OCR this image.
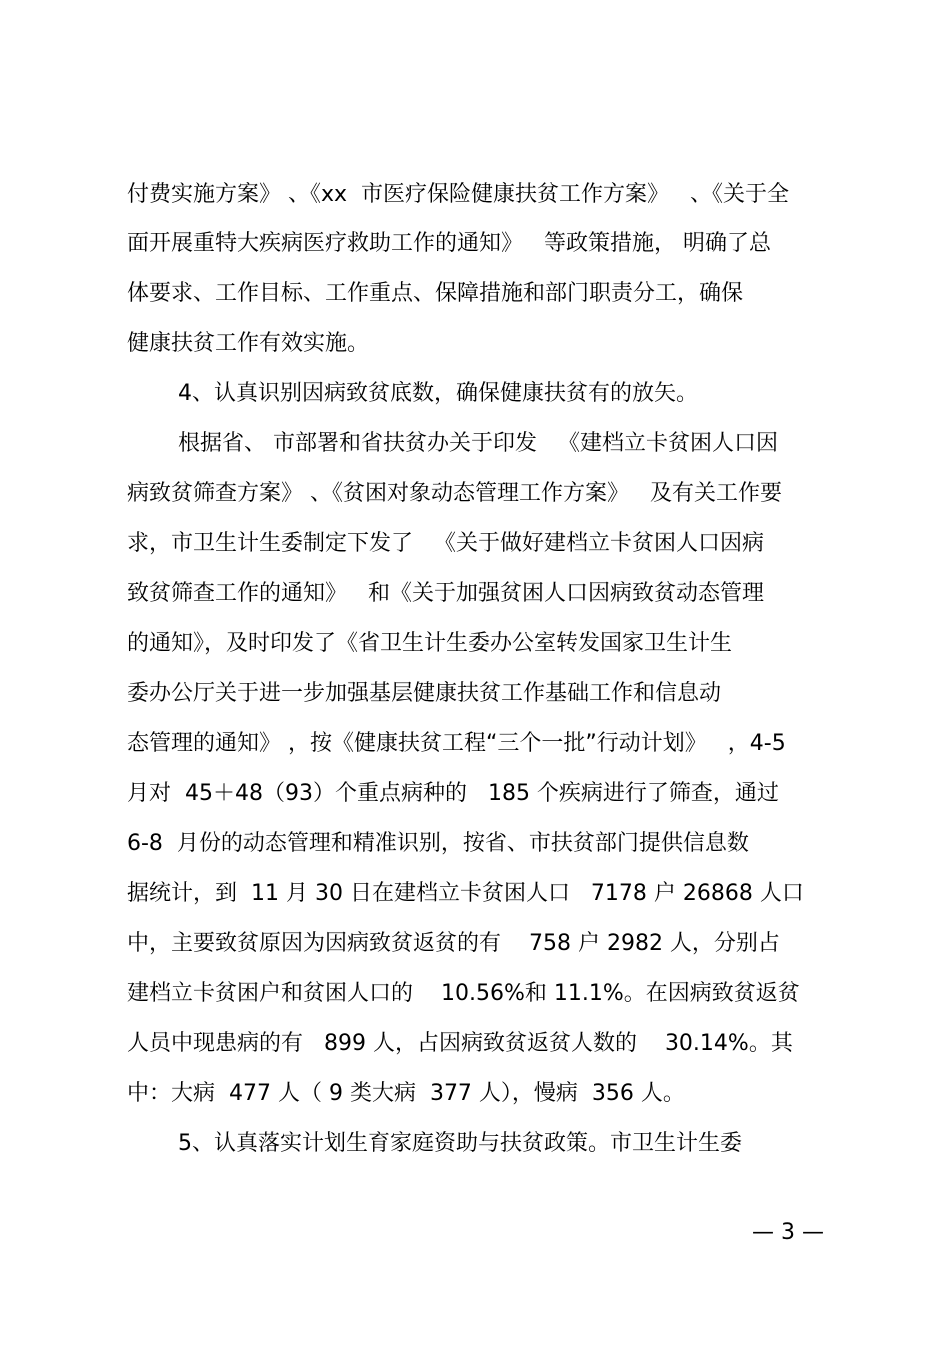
付费实施方案》 、《xx  市医疗保险健康扶贫工作方案》   、《关于全

面开展重特大疾病医疗救助工作的通知》   等政策措施， 明确了总

体要求、工作目标、工作重点、保障措施和部门职责分工，确保

健康扶贫工作有效实施。

4、认真识别因病致贫底数，确保健康扶贫有的放矢。

根据省、 市部署和省扶贫办关于印发   《建档立卡贫困人口因

病致贫筛查方案》 、《贫困对象动态管理工作方案》   及有关工作要

求，市卫生计生委制定下发了   《关于做好建档立卡贫困人口因病

致贫筛查工作的通知》   和《关于加强贫困人口因病致贫动态管理

的通知》，及时印发了《省卫生计生委办公室转发国家卫生计生

委办公厅关于进一步加强基层健康扶贫工作基础工作和信息动

态管理的通知》 ，按《健康扶贫工程“三个一批”行动计划》   ，4-5

月对  45＋48（93）个重点病种的   185 个疾病进行了筛查，通过

6-8  月份的动态管理和精准识别，按省、市扶贫部门提供信息数

据统计，到  11 月 30 日在建档立卡贫困人口   7178 户 26868 人口

中，主要致贫原因为因病致贫返贫的有    758 户 2982 人，分别占

建档立卡贫困户和贫困人口的    10.56%和 11.1%。在因病致贫返贫

人员中现患病的有   899 人，占因病致贫返贫人数的    30.14%。其

中：大病  477 人（ 9 类大病  377 人），慢病  356 人。

5、认真落实计划生育家庭资助与扶贫政策。市卫生计生委

— 3 —
